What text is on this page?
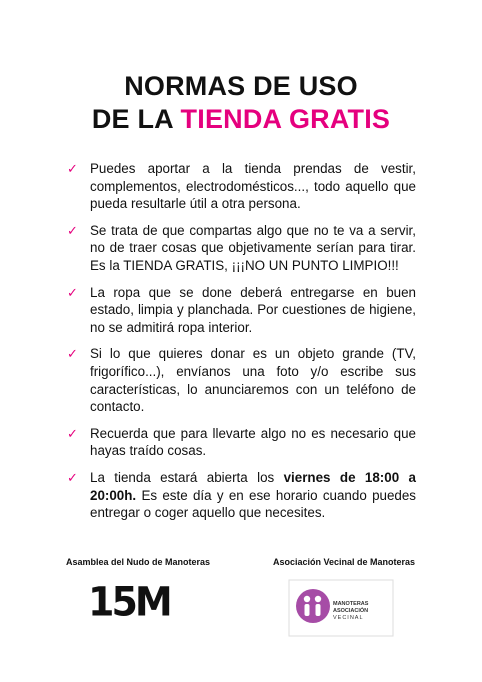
NORMAS DE USO
DE LA TIENDA GRATIS
✓ Puedes aportar a la tienda prendas de vestir, complementos, electrodomésticos..., todo aquello que pueda resultarle útil a otra persona.
✓ Se trata de que compartas algo que no te va a servir, no de traer cosas que objetivamente serían para tirar. Es la TIENDA GRATIS, ¡¡¡NO UN PUNTO LIMPIO!!!
✓ La ropa que se done deberá entregarse en buen estado, limpia y planchada. Por cuestiones de higiene, no se admitirá ropa interior.
✓ Si lo que quieres donar es un objeto grande (TV, frigorífico...), envíanos una foto y/o escribe sus características, lo anunciaremos con un teléfono de contacto.
✓ Recuerda que para llevarte algo no es necesario que hayas traído cosas.
✓ La tienda estará abierta los viernes de 18:00 a 20:00h. Es este día y en ese horario cuando puedes entregar o coger aquello que necesites.
Asamblea del Nudo de Manoteras	Asociación Vecinal de Manoteras
15M	MANOTERAS
ASOCIACIÓN
VECINAL
